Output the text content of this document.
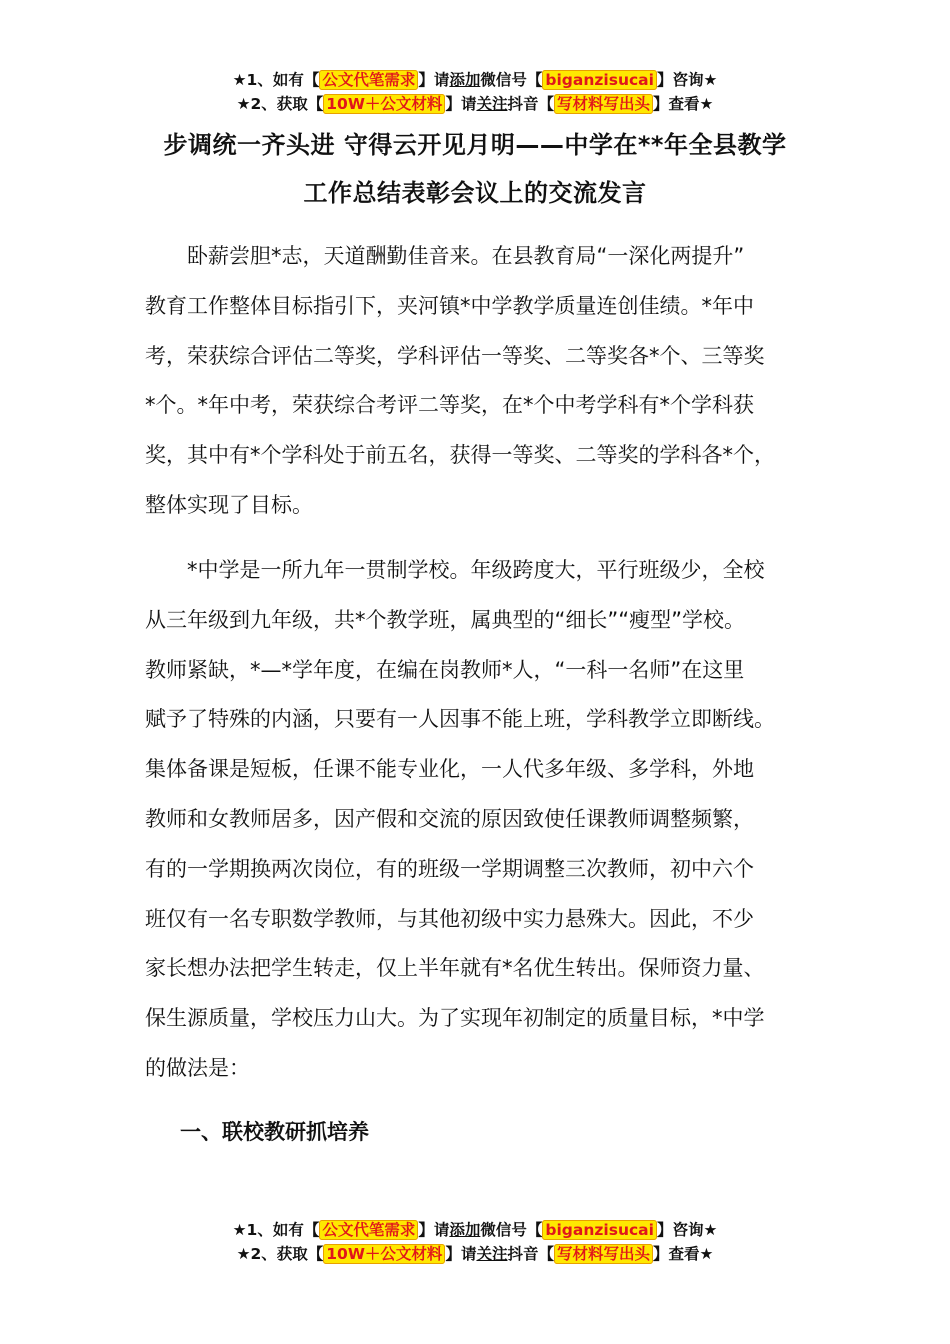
★1、如有【 公文代笔需求 】请添加微信号【 biganzisucai 】咨询★
★2、获取【 10W＋公文材料 】请关注抖音【 写材料写出头 】查看★
步调统一齐头进 守得云开见月明——中学在**年全县教学
工作总结表彰会议上的交流发言
　　卧薪尝胆*志，天道酬勤佳音来。在县教育局“一深化两提升”
教育工作整体目标指引下，夹河镇*中学教学质量连创佳绩。*年中
考，荣获综合评估二等奖，学科评估一等奖、二等奖各*个、三等奖
*个。*年中考，荣获综合考评二等奖，在*个中考学科有*个学科获
奖，其中有*个学科处于前五名，获得一等奖、二等奖的学科各*个，
整体实现了目标。
　　*中学是一所九年一贯制学校。年级跨度大，平行班级少，全校
从三年级到九年级，共*个教学班，属典型的“细长”“瘦型”学校。
教师紧缺，*—*学年度，在编在岗教师*人，“一科一名师”在这里
赋予了特殊的内涵，只要有一人因事不能上班，学科教学立即断线。
集体备课是短板，任课不能专业化，一人代多年级、多学科，外地
教师和女教师居多，因产假和交流的原因致使任课教师调整频繁，
有的一学期换两次岗位，有的班级一学期调整三次教师，初中六个
班仅有一名专职数学教师，与其他初级中实力悬殊大。因此，不少
家长想办法把学生转走，仅上半年就有*名优生转出。保师资力量、
保生源质量，学校压力山大。为了实现年初制定的质量目标，*中学
的做法是：
一、联校教研抓培养
★1、如有【 公文代笔需求 】请添加微信号【 biganzisucai 】咨询★
★2、获取【 10W＋公文材料 】请关注抖音【 写材料写出头 】查看★
